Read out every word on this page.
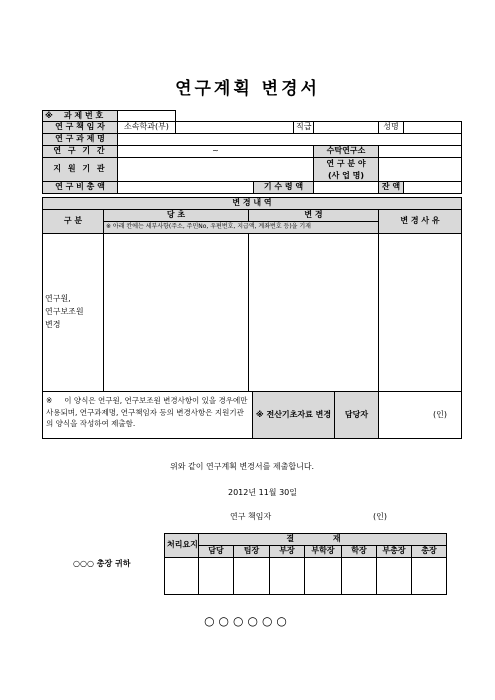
연구계획 변경서
※ 과 제 번 호							
연 구 책 임 자	소속학과(부)			직급		성명	
연 구 과 제 명							
연 구 기 간	~				수탁연구소		
지 원 기 관					연 구 분 야
(사 업 명)		

연 구 비 총 액			기 수 령 액			잔 액	
변 경 내 역			
구 분	당 초	변 경	변 경 사 유
	※ 아래 칸에는 세부사항(주소, 주민No, 우편번호, 지급액, 계좌번호 등)을 기재		

연구원,
연구보조원
변경			

※ 이 양식은 연구원, 연구보조원 변경사항이 있을 경우에만 사용되며, 연구과제명, 연구책임자 등의 변경사항은 지원기관의 양식을 작성하여 제출함.	※ 전산기초자료 변경	담당자	(인)
위와 같이 연구계획 변경서를 제출합니다.
2012년 11월 30일
연구 책임자	(인)
○○○ 총장 귀하
처리요지	결 재						
	담당	팀장	부장	부학장	학장	부총장	총장

○○○○○○
